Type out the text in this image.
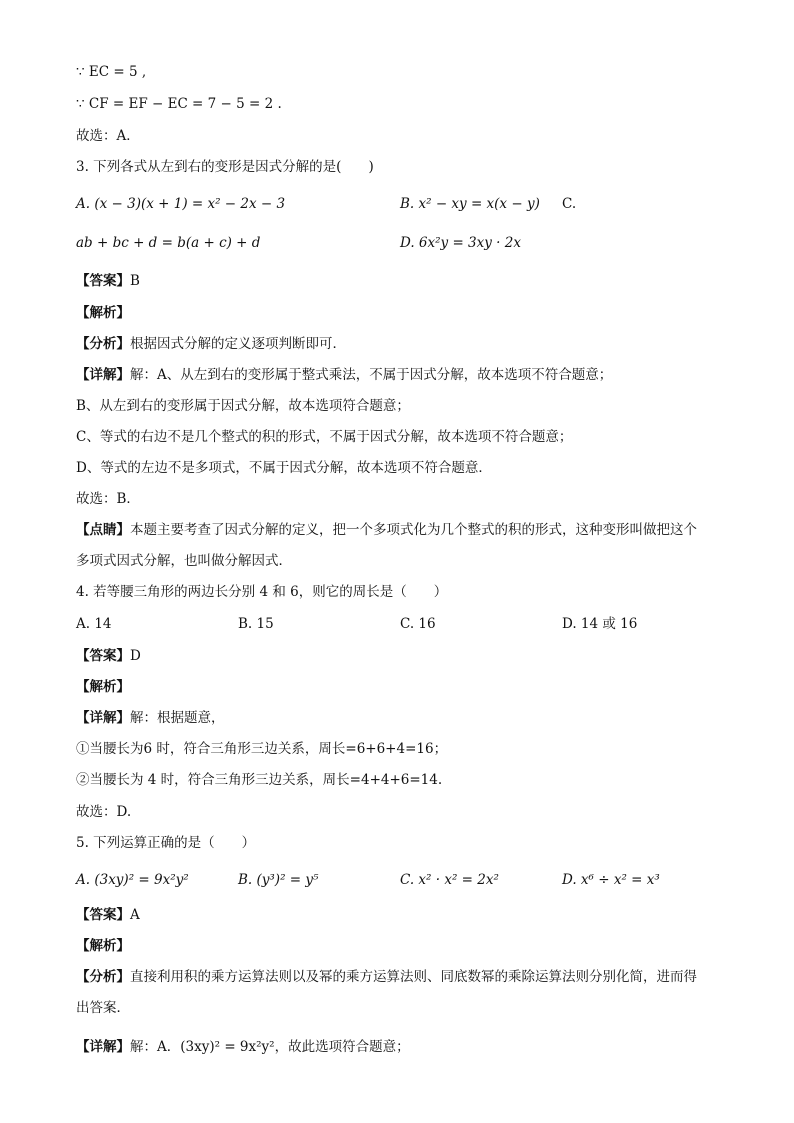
∵ EC = 5 ,
∵ CF = EF − EC = 7 − 5 = 2 .
故选：A．
3. 下列各式从左到右的变形是因式分解的是(　　)
A. (x − 3)(x + 1) = x² − 2x − 3	B. x² − xy = x(x − y) C.
ab + bc + d = b(a + c) + d	D. 6x²y = 3xy · 2x
【答案】B
【解析】
【分析】根据因式分解的定义逐项判断即可．
【详解】解：A、从左到右的变形属于整式乘法，不属于因式分解，故本选项不符合题意；
B、从左到右的变形属于因式分解，故本选项符合题意；
C、等式的右边不是几个整式的积的形式，不属于因式分解，故本选项不符合题意；
D、等式的左边不是多项式，不属于因式分解，故本选项不符合题意．
故选：B．
【点睛】本题主要考查了因式分解的定义，把一个多项式化为几个整式的积的形式，这种变形叫做把这个
多项式因式分解，也叫做分解因式．
4. 若等腰三角形的两边长分别 4 和 6，则它的周长是（　　）
A. 14	B. 15	C. 16	D. 14 或 16
【答案】D
【解析】
【详解】解：根据题意，
①当腰长为6 时，符合三角形三边关系，周长=6+6+4=16；
②当腰长为 4 时，符合三角形三边关系，周长=4+4+6=14.
故选：D.
5. 下列运算正确的是（　　）
A. (3xy)² = 9x²y²	B. (y³)² = y⁵	C. x² · x² = 2x²	D. x⁶ ÷ x² = x³
【答案】A
【解析】
【分析】直接利用积的乘方运算法则以及幂的乘方运算法则、同底数幂的乘除运算法则分别化简，进而得
出答案．
【详解】解：A．(3xy)² = 9x²y²，故此选项符合题意；
